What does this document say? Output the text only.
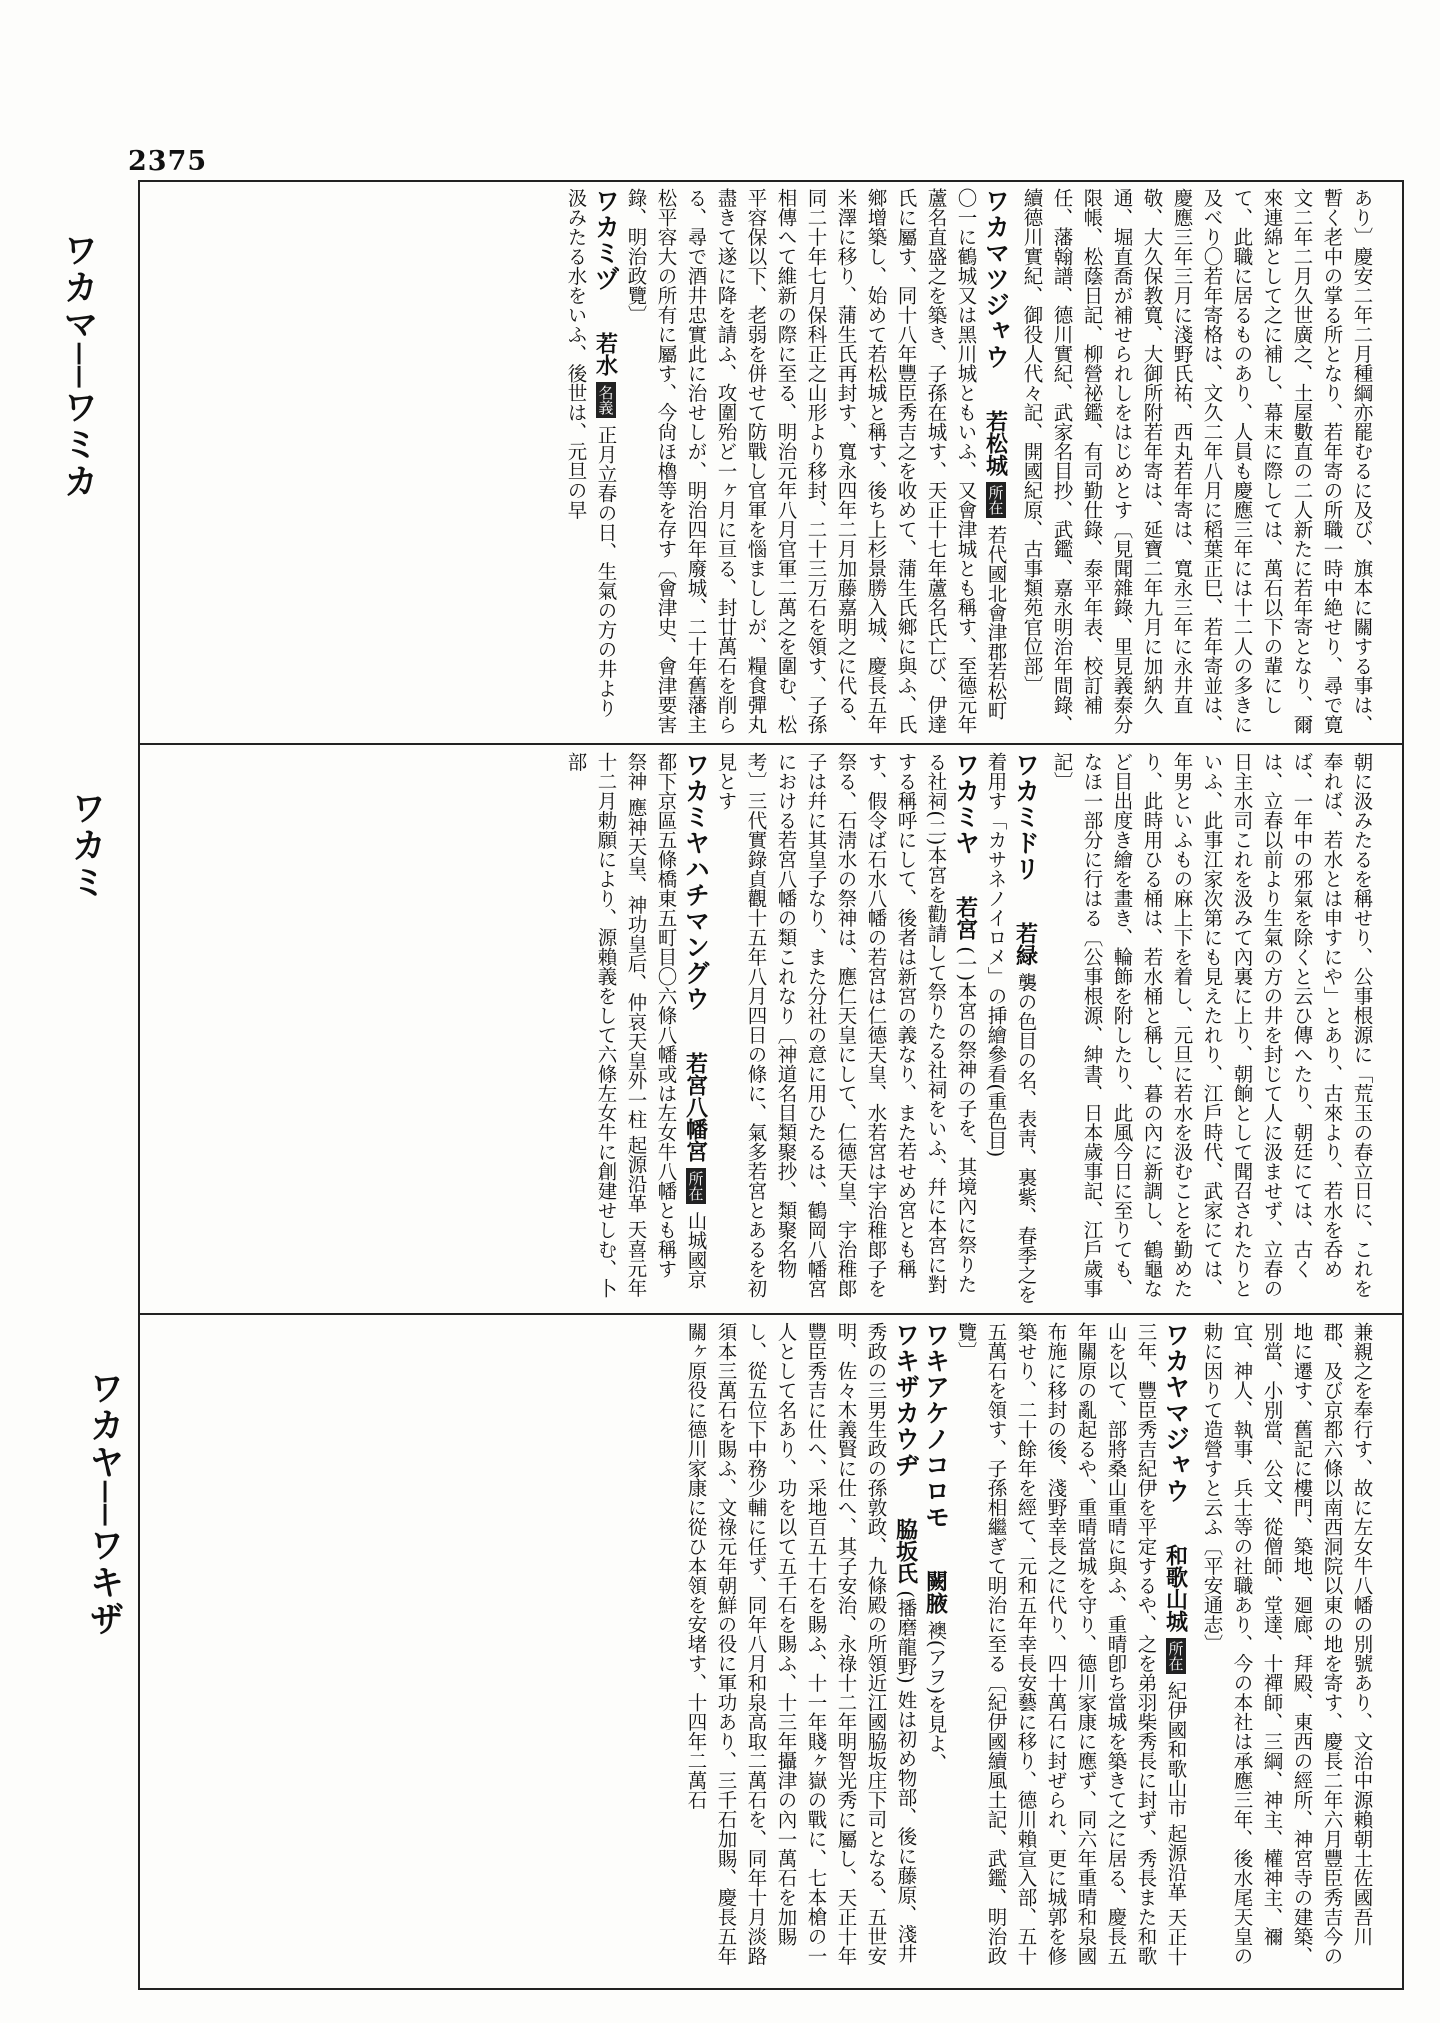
2375
ワカマ──ワミカ
ワカミ
ワカヤ──ワキザ

あり〕慶安二年二月種綱亦罷むるに及び、旗本に關する事は、暫く老中の掌る所となり、若年寄の所職一時中絶せり、尋で寛文二年二月久世廣之、土屋數直の二人新たに若年寄となり、爾來連綿として之に補し、幕末に際しては、萬石以下の輩にして、此職に居るものあり、人員も慶應三年には十二人の多きに及べり〇若年寄格は、文久二年八月に稻葉正巳、若年寄並は、慶應三年三月に淺野氏祐、西丸若年寄は、寬永三年に永井直敬、大久保教寬、大御所附若年寄は、延寶二年九月に加納久通、堀直喬が補せられしをはじめとす〔見聞雜錄、里見義泰分限帳、松蔭日記、柳營祕鑑、有司勤仕錄、泰平年表、校訂補任、藩翰譜、德川實紀、武家名目抄、武鑑、嘉永明治年間錄、續德川實紀、御役人代々記、開國紀原、古事類苑官位部〕

ワカマツジャウ 若松城 所在 若代國北會津郡若松町〇一に鶴城又は黑川城ともいふ、又會津城とも稱す、至德元年蘆名直盛之を築き、子孫在城す、天正十七年蘆名氏亡び、伊達氏に屬す、同十八年豐臣秀吉之を收めて、蒲生氏鄉に與ふ、氏鄉增築し、始めて若松城と稱す、後ち上杉景勝入城、慶長五年米澤に移り、蒲生氏再封す、寬永四年二月加藤嘉明之に代る、同二十年七月保科正之山形より移封、二十三万石を領す、子孫相傳へて維新の際に至る、明治元年八月官軍二萬之を圍む、松平容保以下、老弱を併せて防戰し官軍を惱まししが、糧食彈丸盡きて遂に降を請ふ、攻圍殆ど一ヶ月に亘る、封廿萬石を削らる、尋で酒井忠實此に治せしが、明治四年廢城、二十年舊藩主松平容大の所有に屬す、今尙ほ櫓等を存す〔會津史、會津要害錄、明治政覽〕
ワカミヅ 若水 名義 正月立春の日、生氣の方の井より汲みたる水をいふ、後世は、元旦の早

朝に汲みたるを稱せり、公事根源に「荒玉の春立日に、これを奉れば、若水とは申すにや」とあり、古來より、若水を呑めば、一年中の邪氣を除くと云ひ傳へたり、朝廷にては、古くは、立春以前より生氣の方の井を封じて人に汲ませず、立春の日主水司これを汲みて內裏に上り、朝餉として聞召されたりといふ、此事江家次第にも見えたれり、江戶時代、武家にては、年男といふもの麻上下を着し、元旦に若水を汲むことを勤めたり、此時用ひる桶は、若水桶と稱し、暮の內に新調し、鶴龜など目出度き繪を畫き、輪飾を附したり、此風今日に至りても、なほ一部分に行はる〔公事根源、紳書、日本歲事記、江戶歲事記〕

ワカミドリ 若緑 襲の色目の名、表靑、裏紫、春季之を着用す「カサネノイロメ」の挿繪參看(重色目)
ワカミヤ 若宮 (一)本宮の祭神の子を、其境內に祭りたる社祠(二)本宮を勸請して祭りたる社祠をいふ、幷に本宮に對する稱呼にして、後者は新宮の義なり、また若せめ宮とも稱す、假令ば石水八幡の若宮は仁德天皇、水若宮は宇治稚郞子を祭る、石淸水の祭神は、應仁天皇にして、仁德天皇、宇治稚郞子は幷に其皇子なり、また分社の意に用ひたるは、鶴岡八幡宮における若宮八幡の類これなり〔神道名目類聚抄、類聚名物考〕三代實錄貞觀十五年八月四日の條に、氣多若宮とあるを初見とす
ワカミヤハチマングウ 若宮八幡宮 所在 山城國京都下京區五條橋東五町目〇六條八幡或は左女牛八幡とも稱す 祭神 應神天皇、神功皇后、仲哀天皇外一柱 起源沿革 天喜元年十二月勅願により、源賴義をして六條左女牛に創建せしむ、卜部

兼親之を奉行す、故に左女牛八幡の別號あり、文治中源賴朝土佐國吾川郡、及び京都六條以南西洞院以東の地を寄す、慶長二年六月豐臣秀吉今の地に遷す、舊記に樓門、築地、廻廊、拜殿、東西の經所、神宮寺の建築、別當、小別當、公文、從僧師、堂達、十禪師、三綱、神主、權神主、禰宜、神人、執事、兵士等の社職あり、今の本社は承應三年、後水尾天皇の勅に因りて造營すと云ふ〔平安通志〕

ワカヤマジャウ 和歌山城 所在 紀伊國和歌山市 起源沿革 天正十三年、豐臣秀吉紀伊を平定するや、之を弟羽柴秀長に封ず、秀長また和歌山を以て、部將桑山重晴に與ふ、重晴卽ち當城を築きて之に居る、慶長五年關原の亂起るや、重晴當城を守り、德川家康に應ず、同六年重晴和泉國布施に移封の後、淺野幸長之に代り、四十萬石に封ぜられ、更に城郭を修築せり、二十餘年を經て、元和五年幸長安藝に移り、德川賴宣入部、五十五萬石を領す、子孫相繼ぎて明治に至る〔紀伊國續風土記、武鑑、明治政覽〕
ワキアケノコロモ 闕腋 襖(アヲ)を見よ、
ワキザカウヂ 脇坂氏 (播磨龍野) 姓は初め物部、後に藤原、淺井秀政の三男生政の孫敦政、九條殿の所領近江國脇坂庄下司となる、五世安明、佐々木義賢に仕へ、其子安治、永祿十二年明智光秀に屬し、天正十年豐臣秀吉に仕へ、采地百五十石を賜ふ、十一年賤ヶ嶽の戰に、七本槍の一人として名あり、功を以て五千石を賜ふ、十三年攝津の內一萬石を加賜し、從五位下中務少輔に任ず、同年八月和泉高取二萬石を、同年十月淡路須本三萬石を賜ふ、文祿元年朝鮮の役に軍功あり、三千石加賜、慶長五年關ヶ原役に德川家康に從ひ本領を安堵す、十四年二萬石
